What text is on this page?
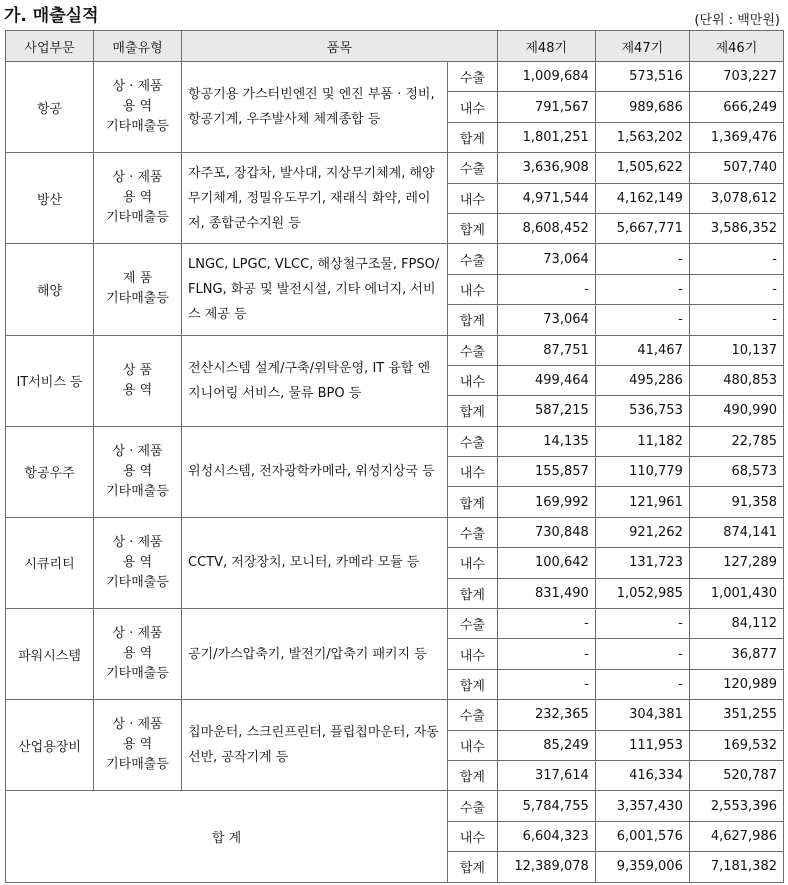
가. 매출실적	(단위 : 백만원)
사업부문	매출유형	품목		제48기	제47기	제46기
항공	상 · 제품
용 역
기타매출등	항공기용 가스터빈엔진 및 엔진 부품 · 정비, 항공기계, 우주발사체 체계종합 등	수출	1,009,684	573,516	703,227
			내수	791,567	989,686	666,249
			합계	1,801,251	1,563,202	1,369,476
방산	상 · 제품
용 역
기타매출등	자주포, 장갑차, 발사대, 지상무기체계, 해양무기체계, 정밀유도무기, 재래식 화약, 레이저, 종합군수지원 등	수출	3,636,908	1,505,622	507,740
			내수	4,971,544	4,162,149	3,078,612
			합계	8,608,452	5,667,771	3,586,352
해양	제 품
기타매출등	LNGC, LPGC, VLCC, 해상철구조물, FPSO/FLNG, 화공 및 발전시설, 기타 에너지, 서비스 제공 등	수출	73,064	-	-
			내수	-	-	-
			합계	73,064	-	-
IT서비스 등	상 품
용 역	전산시스템 설계/구축/위탁운영, IT 융합 엔지니어링 서비스, 물류 BPO 등	수출	87,751	41,467	10,137
			내수	499,464	495,286	480,853
			합계	587,215	536,753	490,990
항공우주	상 · 제품
용 역
기타매출등	위성시스템, 전자광학카메라, 위성지상국 등	수출	14,135	11,182	22,785
			내수	155,857	110,779	68,573
			합계	169,992	121,961	91,358
시큐리티	상 · 제품
용 역
기타매출등	CCTV, 저장장치, 모니터, 카메라 모듈 등	수출	730,848	921,262	874,141
			내수	100,642	131,723	127,289
			합계	831,490	1,052,985	1,001,430
파워시스템	상 · 제품
용 역
기타매출등	공기/가스압축기, 발전기/압축기 패키지 등	수출	-	-	84,112
			내수	-	-	36,877
			합계	-	-	120,989
산업용장비	상 · 제품
용 역
기타매출등	칩마운터, 스크린프린터, 플립칩마운터, 자동선반, 공작기계 등	수출	232,365	304,381	351,255
			내수	85,249	111,953	169,532
			합계	317,614	416,334	520,787
합 계			수출	5,784,755	3,357,430	2,553,396
			내수	6,604,323	6,001,576	4,627,986
			합계	12,389,078	9,359,006	7,181,382
